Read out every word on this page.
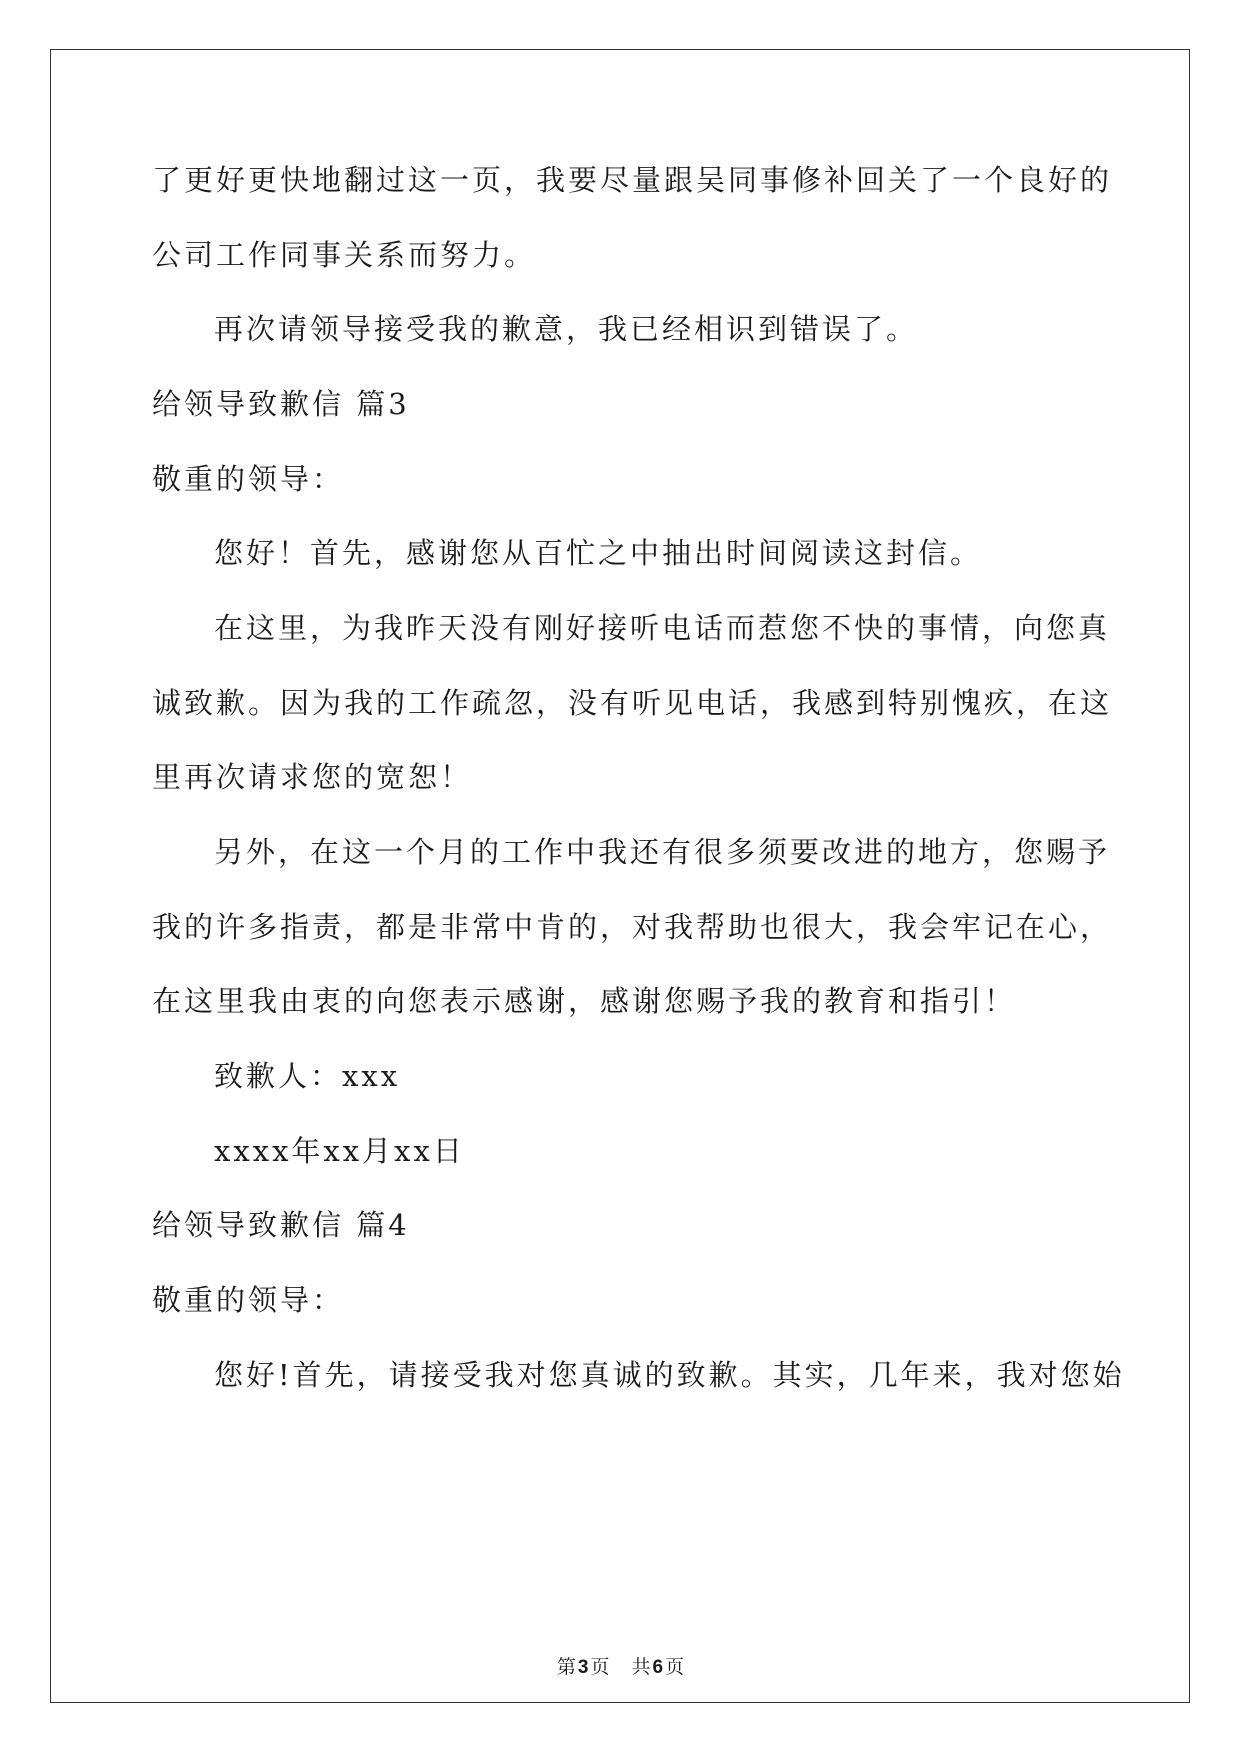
了更好更快地翻过这一页，我要尽量跟吴同事修补回关了一个良好的
公司工作同事关系而努力。
再次请领导接受我的歉意，我已经相识到错误了。
给领导致歉信 篇3
敬重的领导：
您好！首先，感谢您从百忙之中抽出时间阅读这封信。
在这里，为我昨天没有刚好接听电话而惹您不快的事情，向您真
诚致歉。因为我的工作疏忽，没有听见电话，我感到特别愧疚，在这
里再次请求您的宽恕！
另外，在这一个月的工作中我还有很多须要改进的地方，您赐予
我的许多指责，都是非常中肯的，对我帮助也很大，我会牢记在心，
在这里我由衷的向您表示感谢，感谢您赐予我的教育和指引！
致歉人：xxx
xxxx年xx月xx日
给领导致歉信 篇4
敬重的领导：
您好!首先，请接受我对您真诚的致歉。其实，几年来，我对您始
第 3 页 共 6 页
